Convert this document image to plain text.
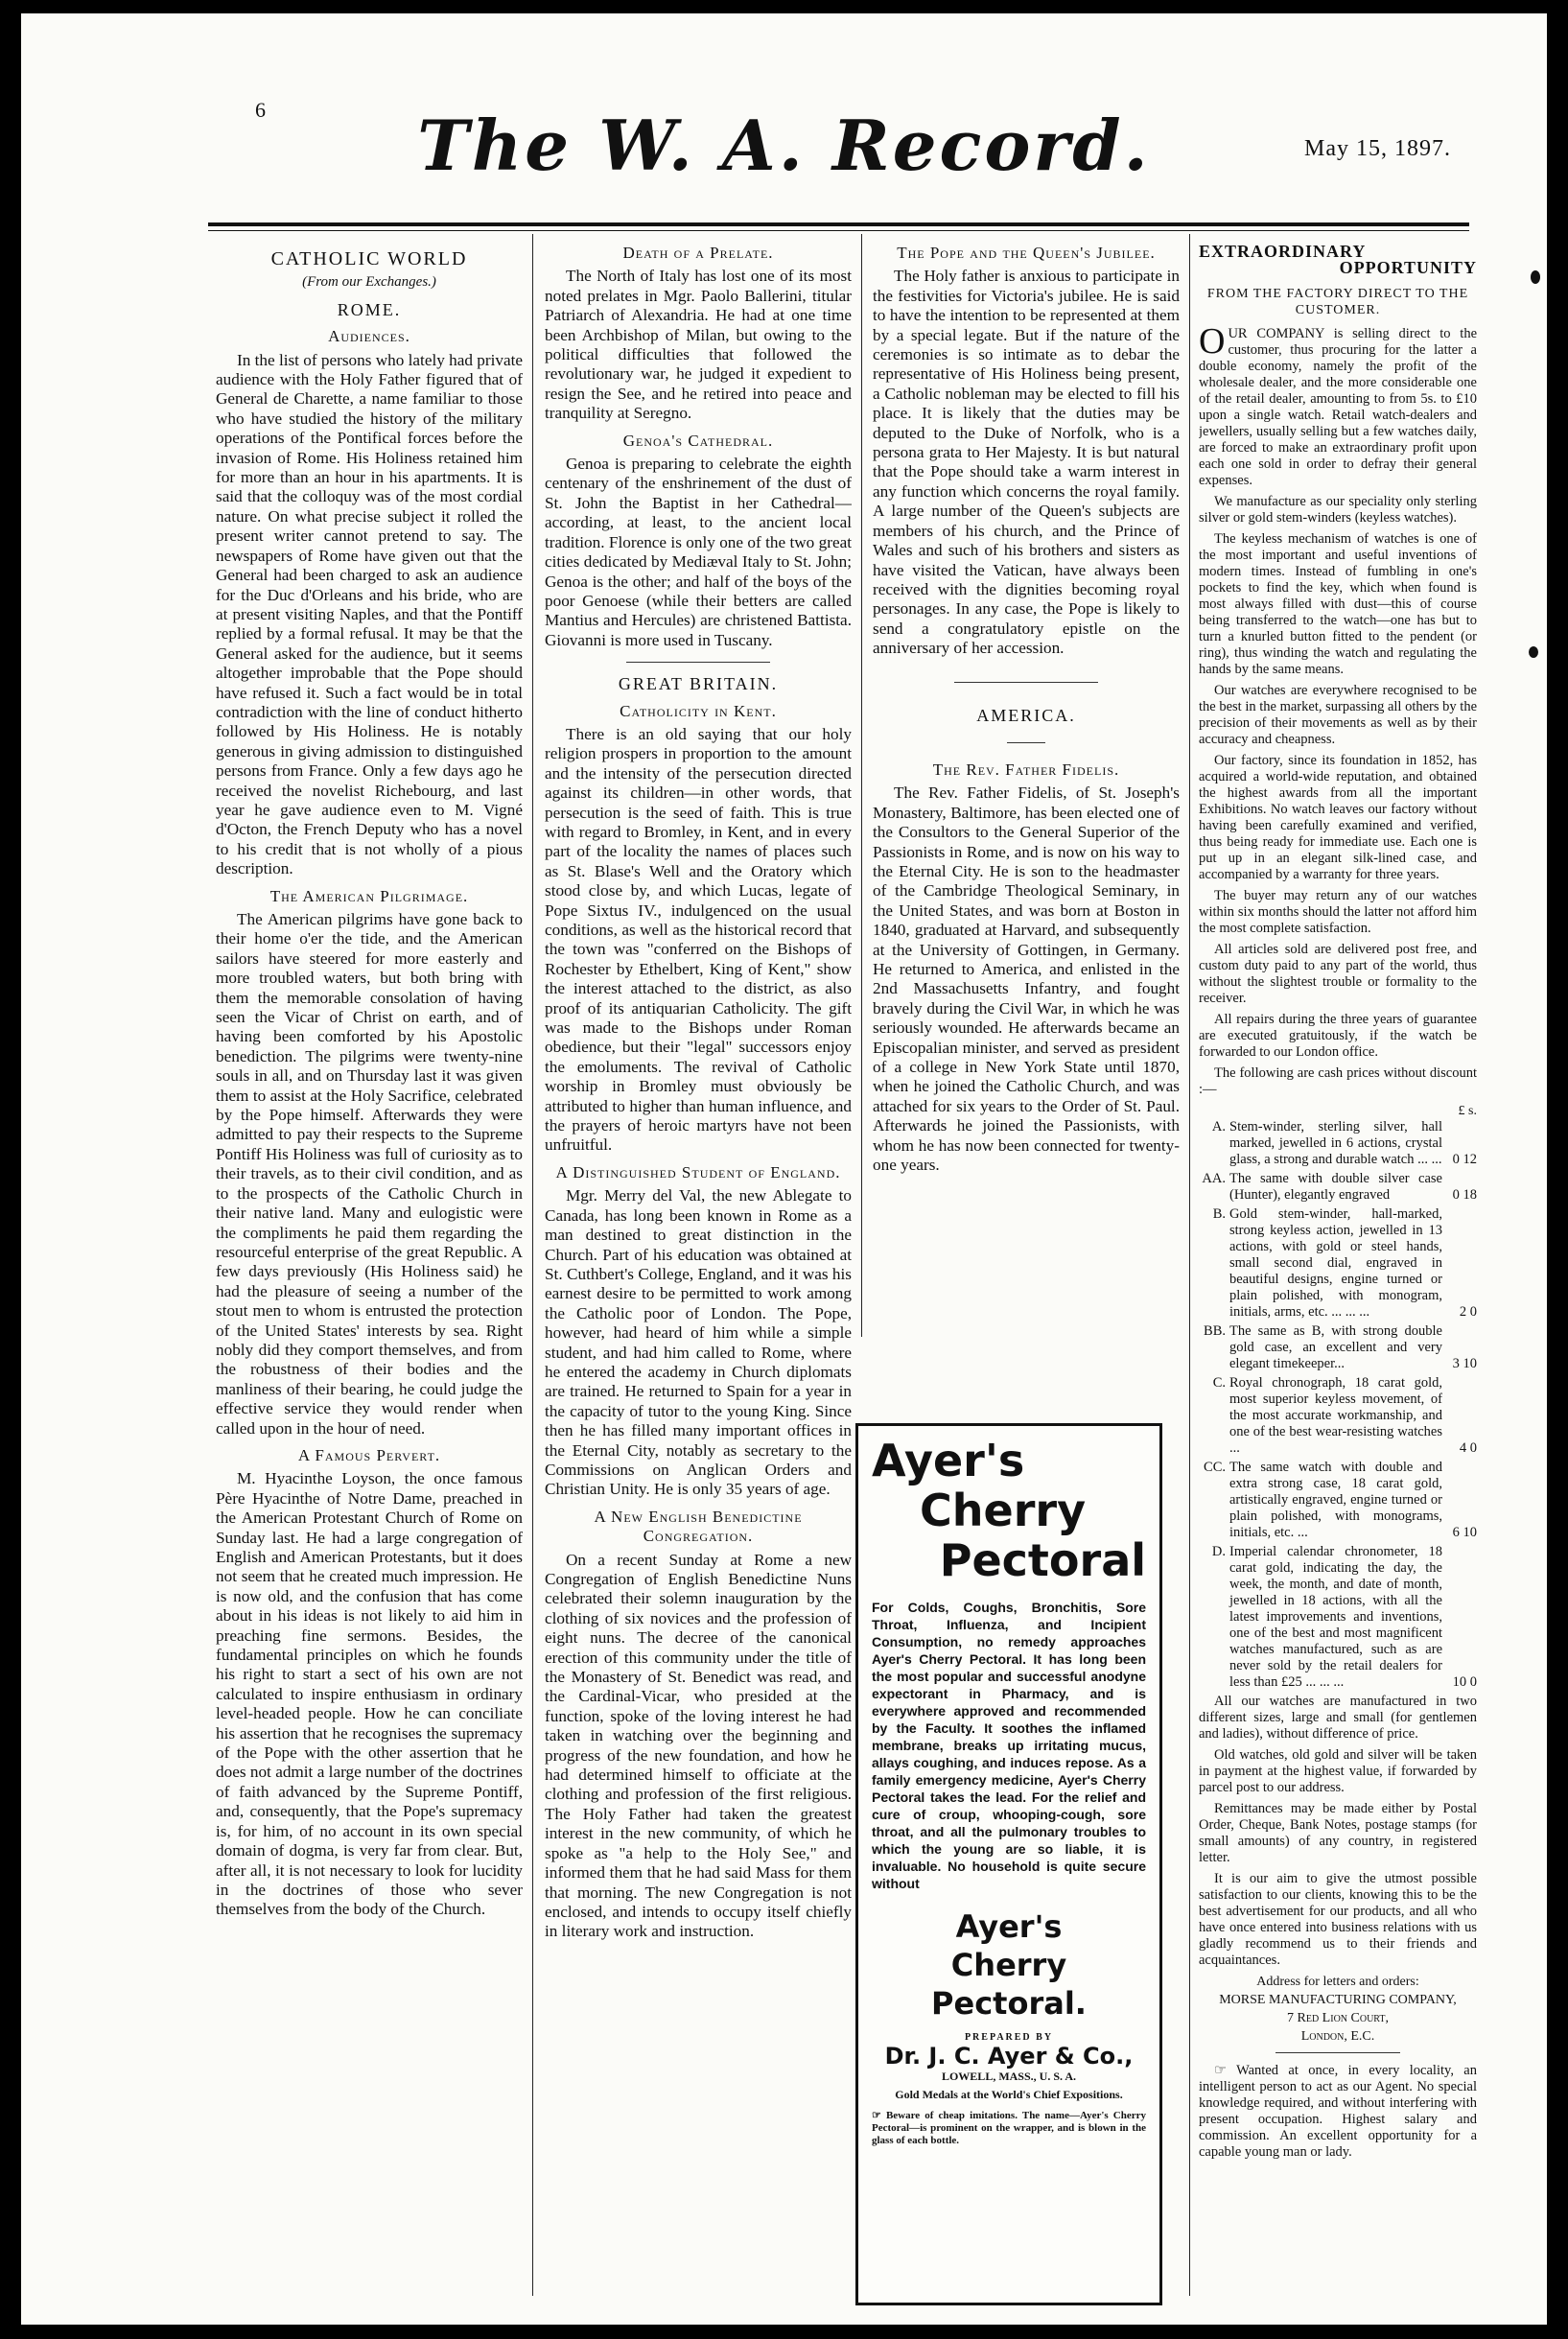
6	The W. A. Record.	May 15, 1897.
CATHOLIC WORLD
(From our Exchanges.)
ROME.
Audiences.

In the list of persons who lately had private audience with the Holy Father figured that of General de Charette, a name familiar to those who have studied the history of the military operations of the Pontifical forces before the invasion of Rome. His Holiness retained him for more than an hour in his apartments. It is said that the colloquy was of the most cordial nature. On what precise subject it rolled the present writer cannot pretend to say. The newspapers of Rome have given out that the General had been charged to ask an audience for the Duc d'Orleans and his bride, who are at present visiting Naples, and that the Pontiff replied by a formal refusal. It may be that the General asked for the audience, but it seems altogether improbable that the Pope should have refused it. Such a fact would be in total contradiction with the line of conduct hitherto followed by His Holiness. He is notably generous in giving admission to distinguished persons from France. Only a few days ago he received the novelist Richebourg, and last year he gave audience even to M. Vigné d'Octon, the French Deputy who has a novel to his credit that is not wholly of a pious description.

The American Pilgrimage.

The American pilgrims have gone back to their home o'er the tide, and the American sailors have steered for more easterly and more troubled waters, but both bring with them the memorable consolation of having seen the Vicar of Christ on earth, and of having been comforted by his Apostolic benediction. The pilgrims were twenty-nine souls in all, and on Thursday last it was given them to assist at the Holy Sacrifice, celebrated by the Pope himself. Afterwards they were admitted to pay their respects to the Supreme Pontiff His Holiness was full of curiosity as to their travels, as to their civil condition, and as to the prospects of the Catholic Church in their native land. Many and eulogistic were the compliments he paid them regarding the resourceful enterprise of the great Republic. A few days previously (His Holiness said) he had the pleasure of seeing a number of the stout men to whom is entrusted the protection of the United States' interests by sea. Right nobly did they comport themselves, and from the robustness of their bodies and the manliness of their bearing, he could judge the effective service they would render when called upon in the hour of need.

A Famous Pervert.

M. Hyacinthe Loyson, the once famous Père Hyacinthe of Notre Dame, preached in the American Protestant Church of Rome on Sunday last. He had a large congregation of English and American Protestants, but it does not seem that he created much impression. He is now old, and the confusion that has come about in his ideas is not likely to aid him in preaching fine sermons. Besides, the fundamental principles on which he founds his right to start a sect of his own are not calculated to inspire enthusiasm in ordinary level-headed people. How he can conciliate his assertion that he recognises the supremacy of the Pope with the other assertion that he does not admit a large number of the doctrines of faith advanced by the Supreme Pontiff, and, consequently, that the Pope's supremacy is, for him, of no account in its own special domain of dogma, is very far from clear. But, after all, it is not necessary to look for lucidity in the doctrines of those who sever themselves from the body of the Church.

Death of a Prelate.

The North of Italy has lost one of its most noted prelates in Mgr. Paolo Ballerini, titular Patriarch of Alexandria. He had at one time been Archbishop of Milan, but owing to the political difficulties that followed the revolutionary war, he judged it expedient to resign the See, and he retired into peace and tranquility at Seregno.

Genoa's Cathedral.

Genoa is preparing to celebrate the eighth centenary of the enshrinement of the dust of St. John the Baptist in her Cathedral—according, at least, to the ancient local tradition. Florence is only one of the two great cities dedicated by Mediæval Italy to St. John; Genoa is the other; and half of the boys of the poor Genoese (while their betters are called Mantius and Hercules) are christened Battista. Giovanni is more used in Tuscany.

GREAT BRITAIN.
Catholicity in Kent.

There is an old saying that our holy religion prospers in proportion to the amount and the intensity of the persecution directed against its children—in other words, that persecution is the seed of faith. This is true with regard to Bromley, in Kent, and in every part of the locality the names of places such as St. Blase's Well and the Oratory which stood close by, and which Lucas, legate of Pope Sixtus IV., indulgenced on the usual conditions, as well as the historical record that the town was "conferred on the Bishops of Rochester by Ethelbert, King of Kent," show the interest attached to the district, as also proof of its antiquarian Catholicity. The gift was made to the Bishops under Roman obedience, but their "legal" successors enjoy the emoluments. The revival of Catholic worship in Bromley must obviously be attributed to higher than human influence, and the prayers of heroic martyrs have not been unfruitful.

A Distinguished Student of England.

Mgr. Merry del Val, the new Ablegate to Canada, has long been known in Rome as a man destined to great distinction in the Church. Part of his education was obtained at St. Cuthbert's College, England, and it was his earnest desire to be permitted to work among the Catholic poor of London. The Pope, however, had heard of him while a simple student, and had him called to Rome, where he entered the academy in Church diplomats are trained. He returned to Spain for a year in the capacity of tutor to the young King. Since then he has filled many important offices in the Eternal City, notably as secretary to the Commissions on Anglican Orders and Christian Unity. He is only 35 years of age.

A New English Benedictine Congregation.

On a recent Sunday at Rome a new Congregation of English Benedictine Nuns celebrated their solemn inauguration by the clothing of six novices and the profession of eight nuns. The decree of the canonical erection of this community under the title of the Monastery of St. Benedict was read, and the Cardinal-Vicar, who presided at the function, spoke of the loving interest he had taken in watching over the beginning and progress of the new foundation, and how he had determined himself to officiate at the clothing and profession of the first religious. The Holy Father had taken the greatest interest in the new community, of which he spoke as "a help to the Holy See," and informed them that he had said Mass for them that morning. The new Congregation is not enclosed, and intends to occupy itself chiefly in literary work and instruction.

The Pope and the Queen's Jubilee.

The Holy father is anxious to participate in the festivities for Victoria's jubilee. He is said to have the intention to be represented at them by a special legate. But if the nature of the ceremonies is so intimate as to debar the representative of His Holiness being present, a Catholic nobleman may be elected to fill his place. It is likely that the duties may be deputed to the Duke of Norfolk, who is a persona grata to Her Majesty. It is but natural that the Pope should take a warm interest in any function which concerns the royal family. A large number of the Queen's subjects are members of his church, and the Prince of Wales and such of his brothers and sisters as have visited the Vatican, have always been received with the dignities becoming royal personages. In any case, the Pope is likely to send a congratulatory epistle on the anniversary of her accession.

AMERICA.
The Rev. Father Fidelis.

The Rev. Father Fidelis, of St. Joseph's Monastery, Baltimore, has been elected one of the Consultors to the General Superior of the Passionists in Rome, and is now on his way to the Eternal City. He is son to the headmaster of the Cambridge Theological Seminary, in the United States, and was born at Boston in 1840, graduated at Harvard, and subsequently at the University of Gottingen, in Germany. He returned to America, and enlisted in the 2nd Massachusetts Infantry, and fought bravely during the Civil War, in which he was seriously wounded. He afterwards became an Episcopalian minister, and served as president of a college in New York State until 1870, when he joined the Catholic Church, and was attached for six years to the Order of St. Paul. Afterwards he joined the Passionists, with whom he has now been connected for twenty-one years.

Ayer's
Cherry
Pectoral
For Colds, Coughs, Bronchitis, Sore Throat, Influenza, and Incipient Consumption, no remedy approaches Ayer's Cherry Pectoral. It has long been the most popular and successful anodyne expectorant in Pharmacy, and is everywhere approved and recommended by the Faculty. It soothes the inflamed membrane, breaks up irritating mucus, allays coughing, and induces repose. As a family emergency medicine, Ayer's Cherry Pectoral takes the lead. For the relief and cure of croup, whooping-cough, sore throat, and all the pulmonary troubles to which the young are so liable, it is invaluable. No household is quite secure without
Ayer's
Cherry
Pectoral.
PREPARED BY
Dr. J. C. Ayer & Co.,
LOWELL, MASS., U. S. A.
Gold Medals at the World's Chief Expositions.
☞ Beware of cheap imitations. The name—Ayer's Cherry Pectoral—is prominent on the wrapper, and is blown in the glass of each bottle.
EXTRAORDINARY
OPPORTUNITY
FROM THE FACTORY DIRECT TO THE CUSTOMER.

OUR COMPANY is selling direct to the customer, thus procuring for the latter a double economy, namely the profit of the wholesale dealer, and the more considerable one of the retail dealer, amounting to from 5s. to £10 upon a single watch. Retail watch-dealers and jewellers, usually selling but a few watches daily, are forced to make an extraordinary profit upon each one sold in order to defray their general expenses.

We manufacture as our speciality only sterling silver or gold stem-winders (keyless watches).

The keyless mechanism of watches is one of the most important and useful inventions of modern times. Instead of fumbling in one's pockets to find the key, which when found is most always filled with dust—this of course being transferred to the watch—one has but to turn a knurled button fitted to the pendent (or ring), thus winding the watch and regulating the hands by the same means.

Our watches are everywhere recognised to be the best in the market, surpassing all others by the precision of their movements as well as by their accuracy and cheapness.

Our factory, since its foundation in 1852, has acquired a world-wide reputation, and obtained the highest awards from all the important Exhibitions. No watch leaves our factory without having been carefully examined and verified, thus being ready for immediate use. Each one is put up in an elegant silk-lined case, and accompanied by a warranty for three years.

The buyer may return any of our watches within six months should the latter not afford him the most complete satisfaction.

All articles sold are delivered post free, and custom duty paid to any part of the world, thus without the slightest trouble or formality to the receiver.

All repairs during the three years of guarantee are executed gratuitously, if the watch be forwarded to our London office.

The following are cash prices without discount :—

£ s.
A. Stem-winder, sterling silver, hall marked, jewelled in 6 actions, crystal glass, a strong and durable watch ... ... 0 12
AA. The same with double silver case (Hunter), elegantly engraved	0 18
B. Gold stem-winder, hall-marked, strong keyless action, jewelled in 13 actions, with gold or steel hands, small second dial, engraved in beautiful designs, engine turned or plain polished, with monogram, initials, arms, etc. ... ... ...	2 0
BB. The same as B, with strong double gold case, an excellent and very elegant timekeeper...	3 10
C. Royal chronograph, 18 carat gold, most superior keyless movement, of the most accurate workmanship, and one of the best wear-resisting watches ...	4 0
CC. The same watch with double and extra strong case, 18 carat gold, artistically engraved, engine turned or plain polished, with monograms, initials, etc. ...	6 10
D. Imperial calendar chronometer, 18 carat gold, indicating the day, the week, the month, and date of month, jewelled in 18 actions, with all the latest improvements and inventions, one of the best and most magnificent watches manufactured, such as are never sold by the retail dealers for less than £25 ... ... ...	10 0

All our watches are manufactured in two different sizes, large and small (for gentlemen and ladies), without difference of price.

Old watches, old gold and silver will be taken in payment at the highest value, if forwarded by parcel post to our address.

Remittances may be made either by Postal Order, Cheque, Bank Notes, postage stamps (for small amounts) of any country, in registered letter.

It is our aim to give the utmost possible satisfaction to our clients, knowing this to be the best advertisement for our products, and all who have once entered into business relations with us gladly recommend us to their friends and acquaintances.

Address for letters and orders:
MORSE MANUFACTURING COMPANY,
7 Red Lion Court,
London, E.C.

☞ Wanted at once, in every locality, an intelligent person to act as our Agent. No special knowledge required, and without interfering with present occupation. Highest salary and commission. An excellent opportunity for a capable young man or lady.
